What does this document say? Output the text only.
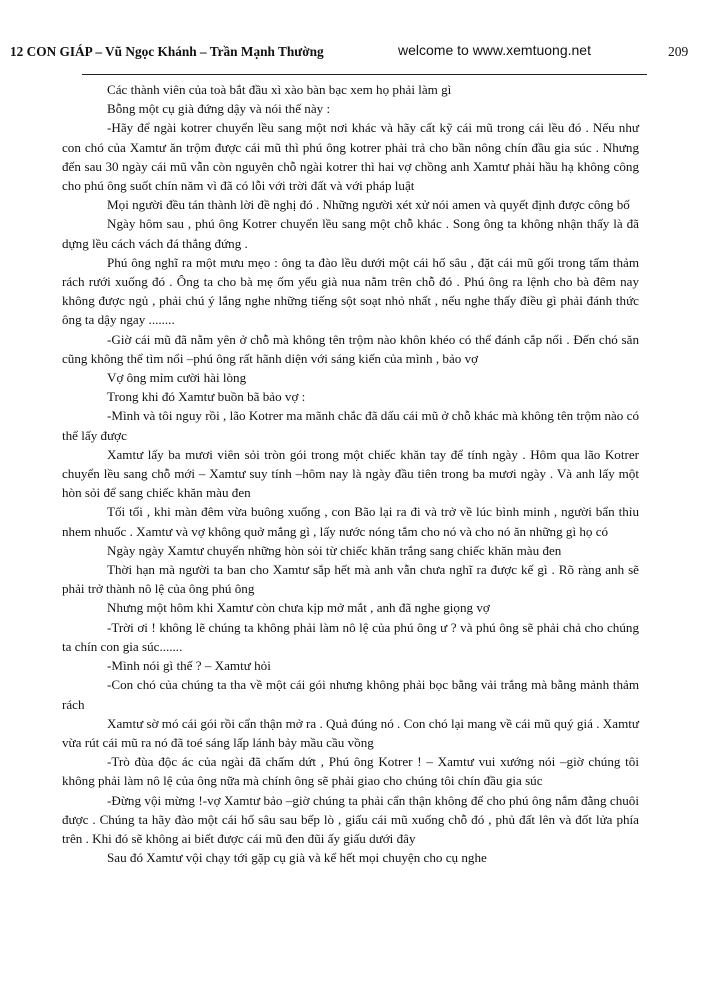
12 CON GIÁP – Vũ Ngọc Khánh – Trần Mạnh Thường	welcome to www.xemtuong.net	209

Các thành viên của toà bắt đầu xì xào bàn bạc xem họ phải làm gì

Bỗng một cụ già đứng dậy và nói thế này :

-Hãy để ngài kotrer chuyển lều sang một nơi khác và hãy cất kỹ cái mũ trong cái lều đó . Nếu như con chó của Xamtư ăn trộm được cái mũ thì phú ông kotrer phải trả cho bần nông chín đầu gia súc . Nhưng đến sau 30 ngày cái mũ vẫn còn nguyên chỗ ngài kotrer thì hai vợ chồng anh Xamtư phải hầu hạ không công cho phú ông suốt chín năm vì đã có lỗi với trời đất và với pháp luật

Mọi người đều tán thành lời đề nghị đó . Những người xét xử nói amen và quyết định được công bố

Ngày hôm sau , phú ông Kotrer chuyển lều sang một chỗ khác . Song ông ta không nhận thấy là đã dựng lều cách vách đá thẳng đứng .

Phú ông nghĩ ra một mưu mẹo : ông ta đào lều dưới một cái hố sâu , đặt cái mũ gối trong tấm thảm rách rưới xuống đó . Ông ta cho bà mẹ ốm yếu già nua nằm trên chỗ đó . Phú ông ra lệnh cho bà đêm nay không được ngủ , phải chú ý lắng nghe những tiếng sột soạt nhỏ nhất , nếu nghe thấy điều gì phải đánh thức ông ta dậy ngay ........

-Giờ cái mũ đã nằm yên ở chỗ mà không tên trộm nào khôn khéo có thể đánh cắp nổi . Đến chó săn cũng không thể tìm nổi –phú ông rất hãnh diện với sáng kiến của mình , bảo vợ

Vợ ông mỉm cười hài lòng

Trong khi đó Xamtư buồn bã bảo vợ :

-Mình và tôi nguy rồi , lão Kotrer ma mãnh chắc đã dấu cái mũ ở chỗ khác mà không tên trộm nào có thể lấy được

Xamtư lấy ba mươi viên sỏi tròn gói trong một chiếc khăn tay để tính ngày . Hôm qua lão Kotrer chuyển lều sang chỗ mới – Xamtư suy tính –hôm nay là ngày đầu tiên trong ba mươi ngày . Và anh lấy một hòn sỏi để sang chiếc khăn màu đen

Tối tối , khi màn đêm vừa buông xuống , con Bão lại ra đi và trở về lúc bình minh , người bẩn thỉu nhem nhuốc . Xamtư và vợ không quở mắng gì , lấy nước nóng tắm cho nó và cho nó ăn những gì họ có

Ngày ngày Xamtư chuyển những hòn sỏi từ chiếc khăn trắng sang chiếc khăn màu đen

Thời hạn mà người ta ban cho Xamtư sắp hết mà anh vẫn chưa nghĩ ra được kế gì . Rõ ràng anh sẽ phải trở thành nô lệ của ông phú ông

Nhưng một hôm khi Xamtư còn chưa kịp mở mắt , anh đã nghe giọng vợ

-Trời ơi ! không lẽ chúng ta không phải làm nô lệ của phú ông ư ? và phú ông sẽ phải chả cho chúng ta chín con gia súc.......

-Mình nói gì thế ? – Xamtư hỏi

-Con chó của chúng ta tha về một cái gói nhưng không phải bọc bằng vải trắng mà bằng mảnh thảm rách

Xamtư sờ mó cái gói rồi cẩn thận mở ra . Quả đúng nó . Con chó lại mang về cái mũ quý giá . Xamtư vừa rút cái mũ ra nó đã toé sáng lấp lánh bảy mầu cầu vồng

-Trò đùa độc ác của ngài đã chấm dứt , Phú ông Kotrer ! – Xamtư vui xướng nói –giờ chúng tôi không phải làm nô lệ của ông nữa mà chính ông sẽ phải giao cho chúng tôi chín đầu gia súc

-Đừng vội mừng !-vợ Xamtư bảo –giờ chúng ta phải cẩn thận không để cho phú ông nắm đằng chuôi được . Chúng ta hãy đào một cái hố sâu sau bếp lò , giấu cái mũ xuống chỗ đó , phủ đất lên và đốt lửa phía trên . Khi đó sẽ không ai biết được cái mũ đen đũi ấy giấu dưới đây

Sau đó Xamtư vội chạy tới gặp cụ già và kể hết mọi chuyện cho cụ nghe
